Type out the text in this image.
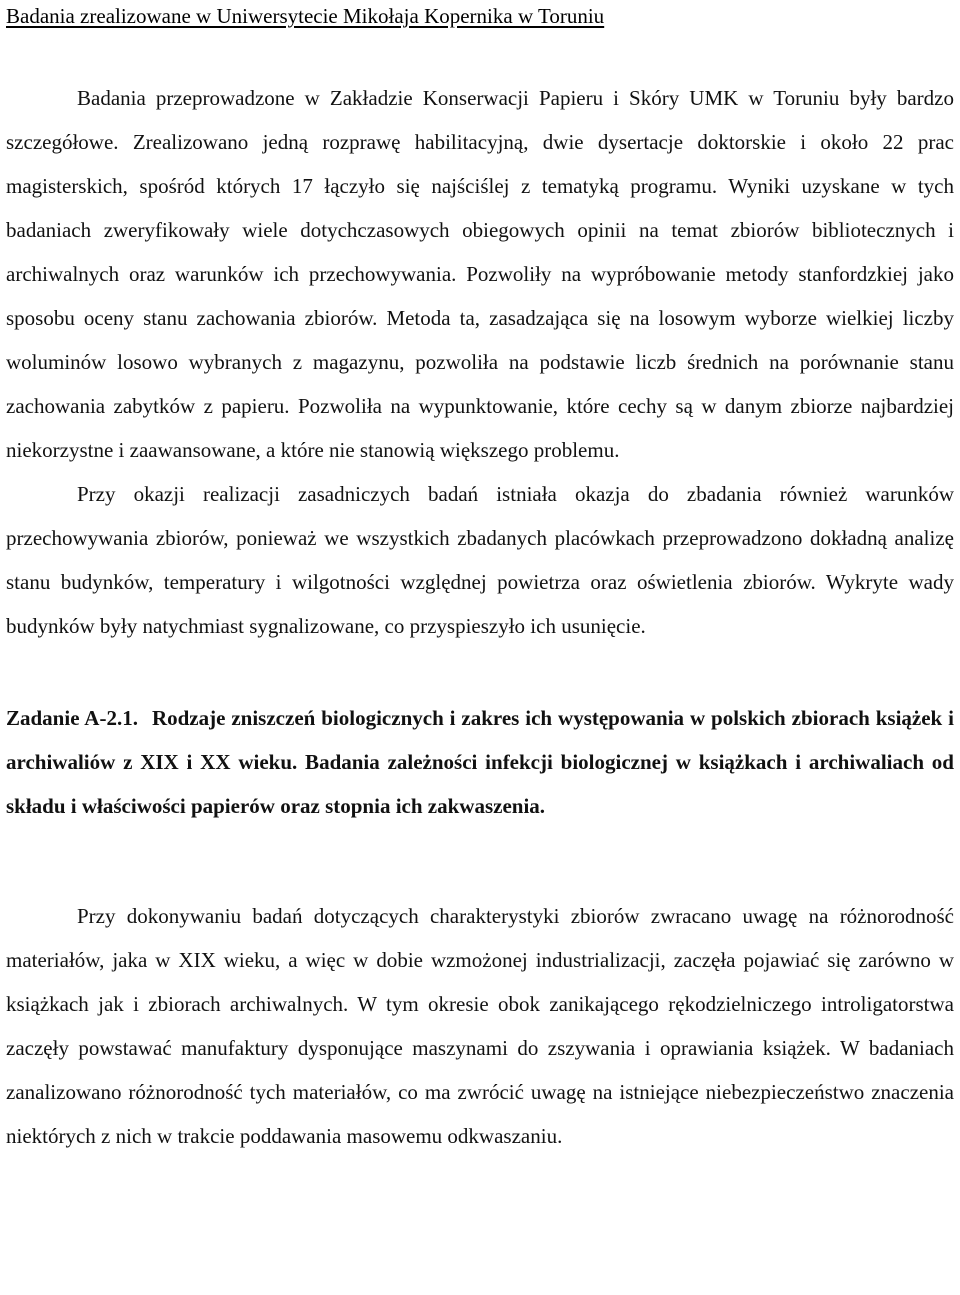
Badania zrealizowane w Uniwersytecie Mikołaja Kopernika w Toruniu

Badania przeprowadzone w Zakładzie Konserwacji Papieru i Skóry UMK w Toruniu były bardzo szczegółowe. Zrealizowano jedną rozprawę habilitacyjną, dwie dysertacje doktorskie i około 22 prac magisterskich, spośród których 17 łączyło się najściślej z tematyką programu. Wyniki uzyskane w tych badaniach zweryfikowały wiele dotychczasowych obiegowych opinii na temat zbiorów bibliotecznych i archiwalnych oraz warunków ich przechowywania. Pozwoliły na wypróbowanie metody stanfordzkiej jako sposobu oceny stanu zachowania zbiorów. Metoda ta, zasadzająca się na losowym wyborze wielkiej liczby woluminów losowo wybranych z magazynu, pozwoliła na podstawie liczb średnich na porównanie stanu zachowania zabytków z papieru. Pozwoliła na wypunktowanie, które cechy są w danym zbiorze najbardziej niekorzystne i zaawansowane, a które nie stanowią większego problemu.

Przy okazji realizacji zasadniczych badań istniała okazja do zbadania również warunków przechowywania zbiorów, ponieważ we wszystkich zbadanych placówkach przeprowadzono dokładną analizę stanu budynków, temperatury i wilgotności względnej powietrza oraz oświetlenia zbiorów. Wykryte wady budynków były natychmiast sygnalizowane, co przyspieszyło ich usunięcie.

Zadanie A-2.1. Rodzaje zniszczeń biologicznych i zakres ich występowania w polskich zbiorach książek i archiwaliów z XIX i XX wieku. Badania zależności infekcji biologicznej w książkach i archiwaliach od składu i właściwości papierów oraz stopnia ich zakwaszenia.

Przy dokonywaniu badań dotyczących charakterystyki zbiorów zwracano uwagę na różnorodność materiałów, jaka w XIX wieku, a więc w dobie wzmożonej industrializacji, zaczęła pojawiać się zarówno w książkach jak i zbiorach archiwalnych. W tym okresie obok zanikającego rękodzielniczego introligatorstwa zaczęły powstawać manufaktury dysponujące maszynami do zszywania i oprawiania książek. W badaniach zanalizowano różnorodność tych materiałów, co ma zwrócić uwagę na istniejące niebezpieczeństwo znaczenia niektórych z nich w trakcie poddawania masowemu odkwaszaniu.
